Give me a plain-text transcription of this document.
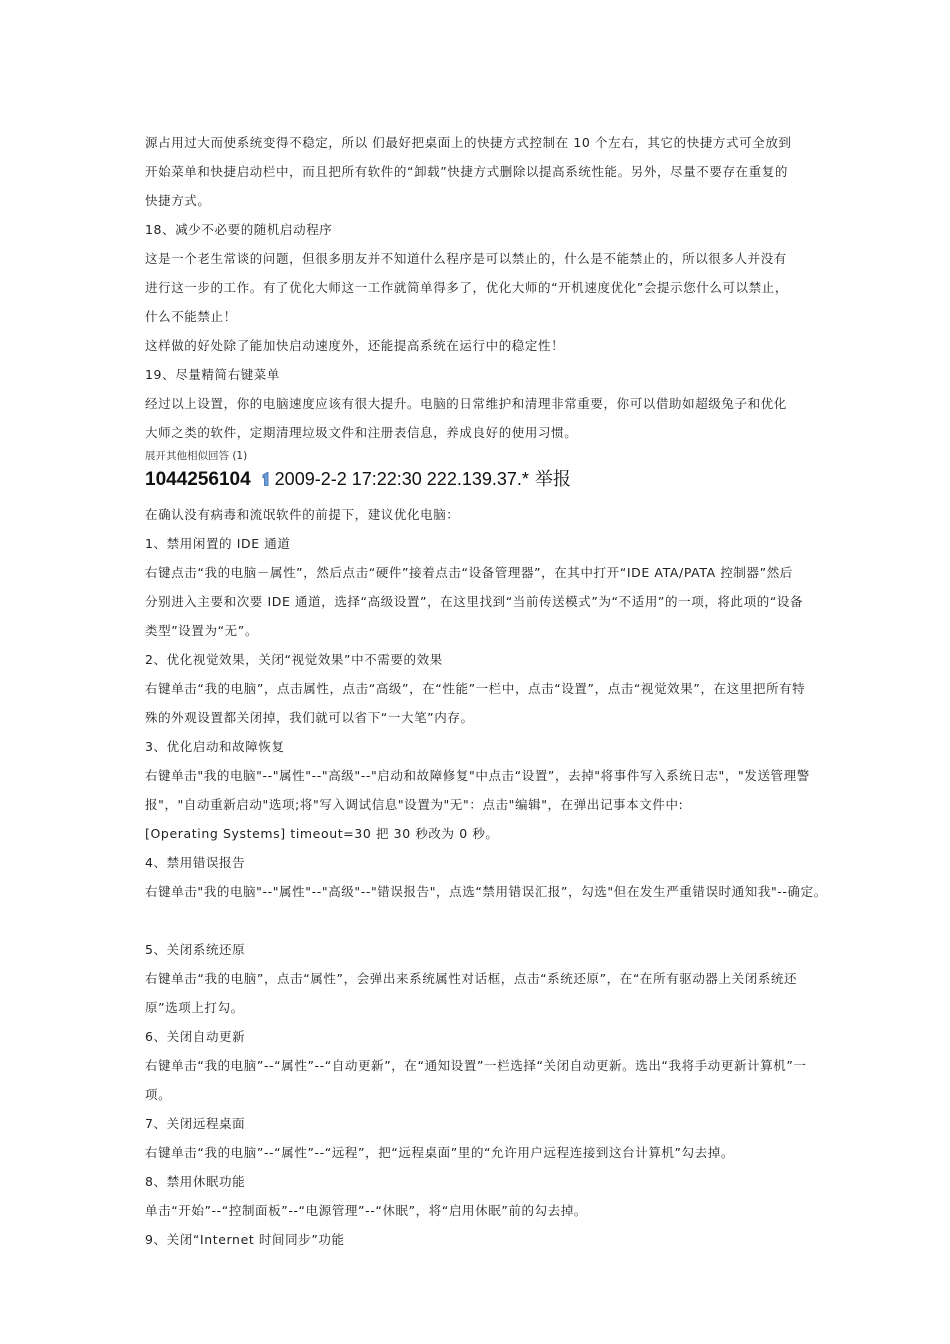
源占用过大而使系统变得不稳定，所以 们最好把桌面上的快捷方式控制在 10 个左右，其它的快捷方式可全放到
开始菜单和快捷启动栏中，而且把所有软件的“卸载”快捷方式删除以提高系统性能。另外，尽量不要存在重复的
快捷方式。
18、减少不必要的随机启动程序
这是一个老生常谈的问题，但很多朋友并不知道什么程序是可以禁止的，什么是不能禁止的，所以很多人并没有
进行这一步的工作。有了优化大师这一工作就简单得多了，优化大师的“开机速度优化”会提示您什么可以禁止，
什么不能禁止！
这样做的好处除了能加快启动速度外，还能提高系统在运行中的稳定性！
19、尽量精简右键菜单
经过以上设置，你的电脑速度应该有很大提升。电脑的日常维护和清理非常重要，你可以借助如超级兔子和优化
大师之类的软件，定期清理垃圾文件和注册表信息，养成良好的使用习惯。
展开其他相似回答 (1)
1044256104 2009-2-2 17:22:30 222.139.37.* 举报
在确认没有病毒和流氓软件的前提下，建议优化电脑：
1、禁用闲置的 IDE 通道
右键点击“我的电脑－属性”，然后点击“硬件”接着点击“设备管理器”，在其中打开“IDE ATA/PATA 控制器”然后
分别进入主要和次要 IDE 通道，选择“高级设置”，在这里找到“当前传送模式”为“不适用”的一项，将此项的“设备
类型”设置为“无”。
2、优化视觉效果，关闭“视觉效果”中不需要的效果
右键单击“我的电脑”，点击属性，点击“高级”，在“性能”一栏中，点击“设置”，点击“视觉效果”，在这里把所有特
殊的外观设置都关闭掉，我们就可以省下“一大笔”内存。
3、优化启动和故障恢复
右键单击"我的电脑"--"属性"--"高级"--"启动和故障修复"中点击“设置”，去掉"将事件写入系统日志"，"发送管理警
报"，"自动重新启动"选项;将"写入调试信息"设置为"无"：点击"编辑"，在弹出记事本文件中:
[Operating Systems] timeout=30 把 30 秒改为 0 秒。
4、禁用错误报告
右键单击"我的电脑"--"属性"--"高级"--"错误报告"，点选“禁用错误汇报”，勾选"但在发生严重错误时通知我"--确定。
5、关闭系统还原
右键单击“我的电脑”，点击“属性”，会弹出来系统属性对话框，点击“系统还原”，在“在所有驱动器上关闭系统还
原”选项上打勾。
6、关闭自动更新
右键单击“我的电脑”--“属性”--“自动更新”，在“通知设置”一栏选择“关闭自动更新。选出“我将手动更新计算机”一
项。
7、关闭远程桌面
右键单击“我的电脑”--“属性”--“远程”，把“远程桌面”里的“允许用户远程连接到这台计算机”勾去掉。
8、禁用休眠功能
单击“开始”--“控制面板”--“电源管理”--“休眠”，将“启用休眠”前的勾去掉。
9、关闭“Internet 时间同步”功能
